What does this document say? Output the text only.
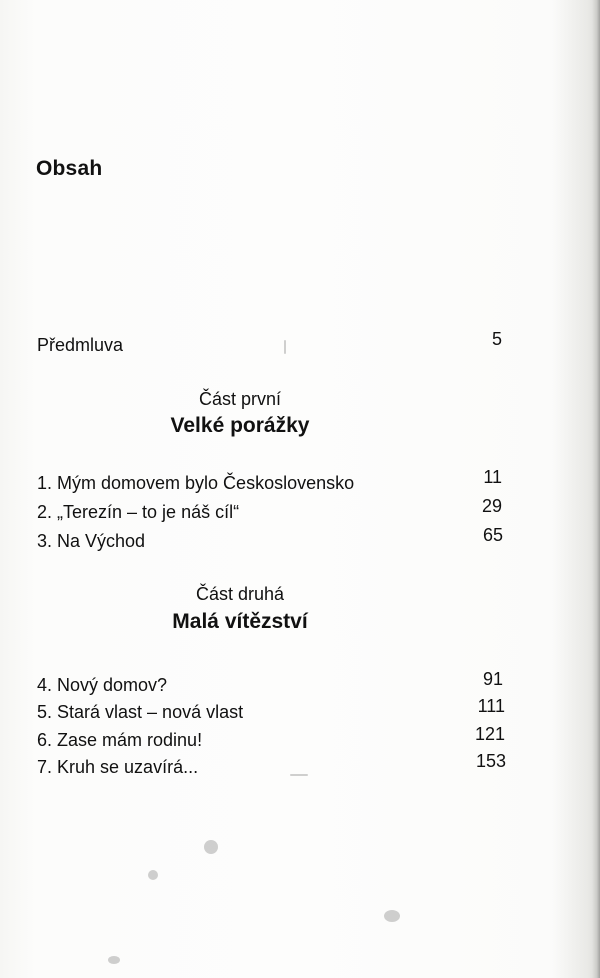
Obsah
Předmluva	5
Část první
Velké porážky
1. Mým domovem bylo Československo	11
2. „Terezín – to je náš cíl“	29
3. Na Východ	65
Část druhá
Malá vítězství
4. Nový domov?	91
5. Stará vlast – nová vlast	111
6. Zase mám rodinu!	121
7. Kruh se uzavírá...	153
